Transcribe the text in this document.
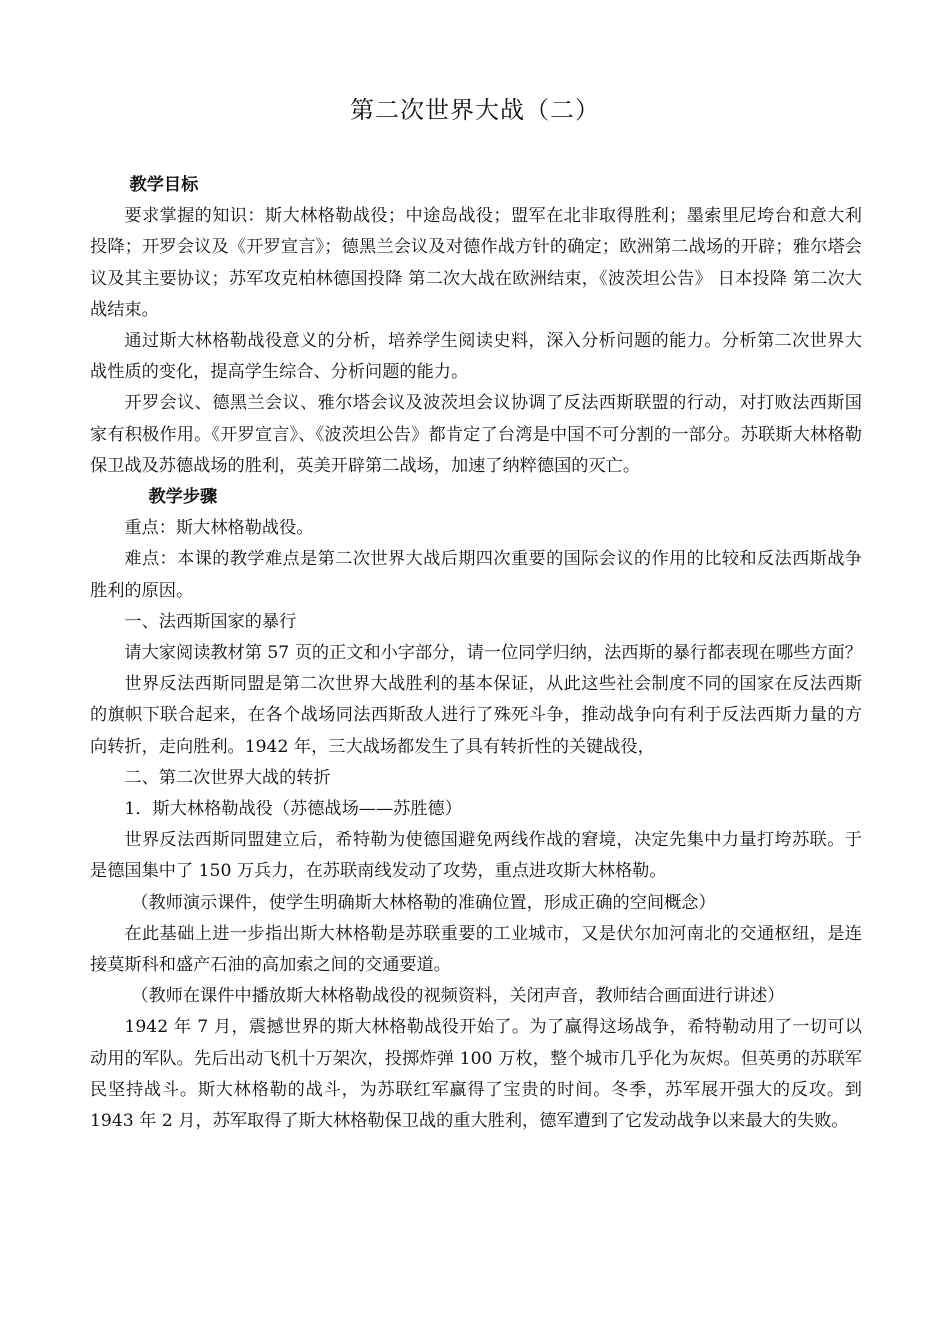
第二次世界大战（二）

教学目标

要求掌握的知识：斯大林格勒战役；中途岛战役；盟军在北非取得胜利；墨索里尼垮台和意大利投降；开罗会议及《开罗宣言》；德黑兰会议及对德作战方针的确定；欧洲第二战场的开辟；雅尔塔会议及其主要协议；苏军攻克柏林德国投降 第二次大战在欧洲结束，《波茨坦公告》 日本投降 第二次大战结束。

通过斯大林格勒战役意义的分析，培养学生阅读史料，深入分析问题的能力。分析第二次世界大战性质的变化，提高学生综合、分析问题的能力。

开罗会议、德黑兰会议、雅尔塔会议及波茨坦会议协调了反法西斯联盟的行动，对打败法西斯国家有积极作用。《开罗宣言》、《波茨坦公告》都肯定了台湾是中国不可分割的一部分。苏联斯大林格勒保卫战及苏德战场的胜利，英美开辟第二战场，加速了纳粹德国的灭亡。

教学步骤

重点：斯大林格勒战役。

难点：本课的教学难点是第二次世界大战后期四次重要的国际会议的作用的比较和反法西斯战争胜利的原因。

一、法西斯国家的暴行

请大家阅读教材第 57 页的正文和小字部分，请一位同学归纳，法西斯的暴行都表现在哪些方面？

世界反法西斯同盟是第二次世界大战胜利的基本保证，从此这些社会制度不同的国家在反法西斯的旗帜下联合起来，在各个战场同法西斯敌人进行了殊死斗争，推动战争向有利于反法西斯力量的方向转折，走向胜利。1942 年，三大战场都发生了具有转折性的关键战役，

二、第二次世界大战的转折

1．斯大林格勒战役（苏德战场——苏胜德）

世界反法西斯同盟建立后，希特勒为使德国避免两线作战的窘境，决定先集中力量打垮苏联。于是德国集中了 150 万兵力，在苏联南线发动了攻势，重点进攻斯大林格勒。

（教师演示课件，使学生明确斯大林格勒的准确位置，形成正确的空间概念）

在此基础上进一步指出斯大林格勒是苏联重要的工业城市，又是伏尔加河南北的交通枢纽，是连接莫斯科和盛产石油的高加索之间的交通要道。

（教师在课件中播放斯大林格勒战役的视频资料，关闭声音，教师结合画面进行讲述）

1942 年 7 月，震撼世界的斯大林格勒战役开始了。为了赢得这场战争，希特勒动用了一切可以动用的军队。先后出动飞机十万架次，投掷炸弹 100 万枚，整个城市几乎化为灰烬。但英勇的苏联军民坚持战斗。斯大林格勒的战斗，为苏联红军赢得了宝贵的时间。冬季，苏军展开强大的反攻。到 1943 年 2 月，苏军取得了斯大林格勒保卫战的重大胜利，德军遭到了它发动战争以来最大的失败。
